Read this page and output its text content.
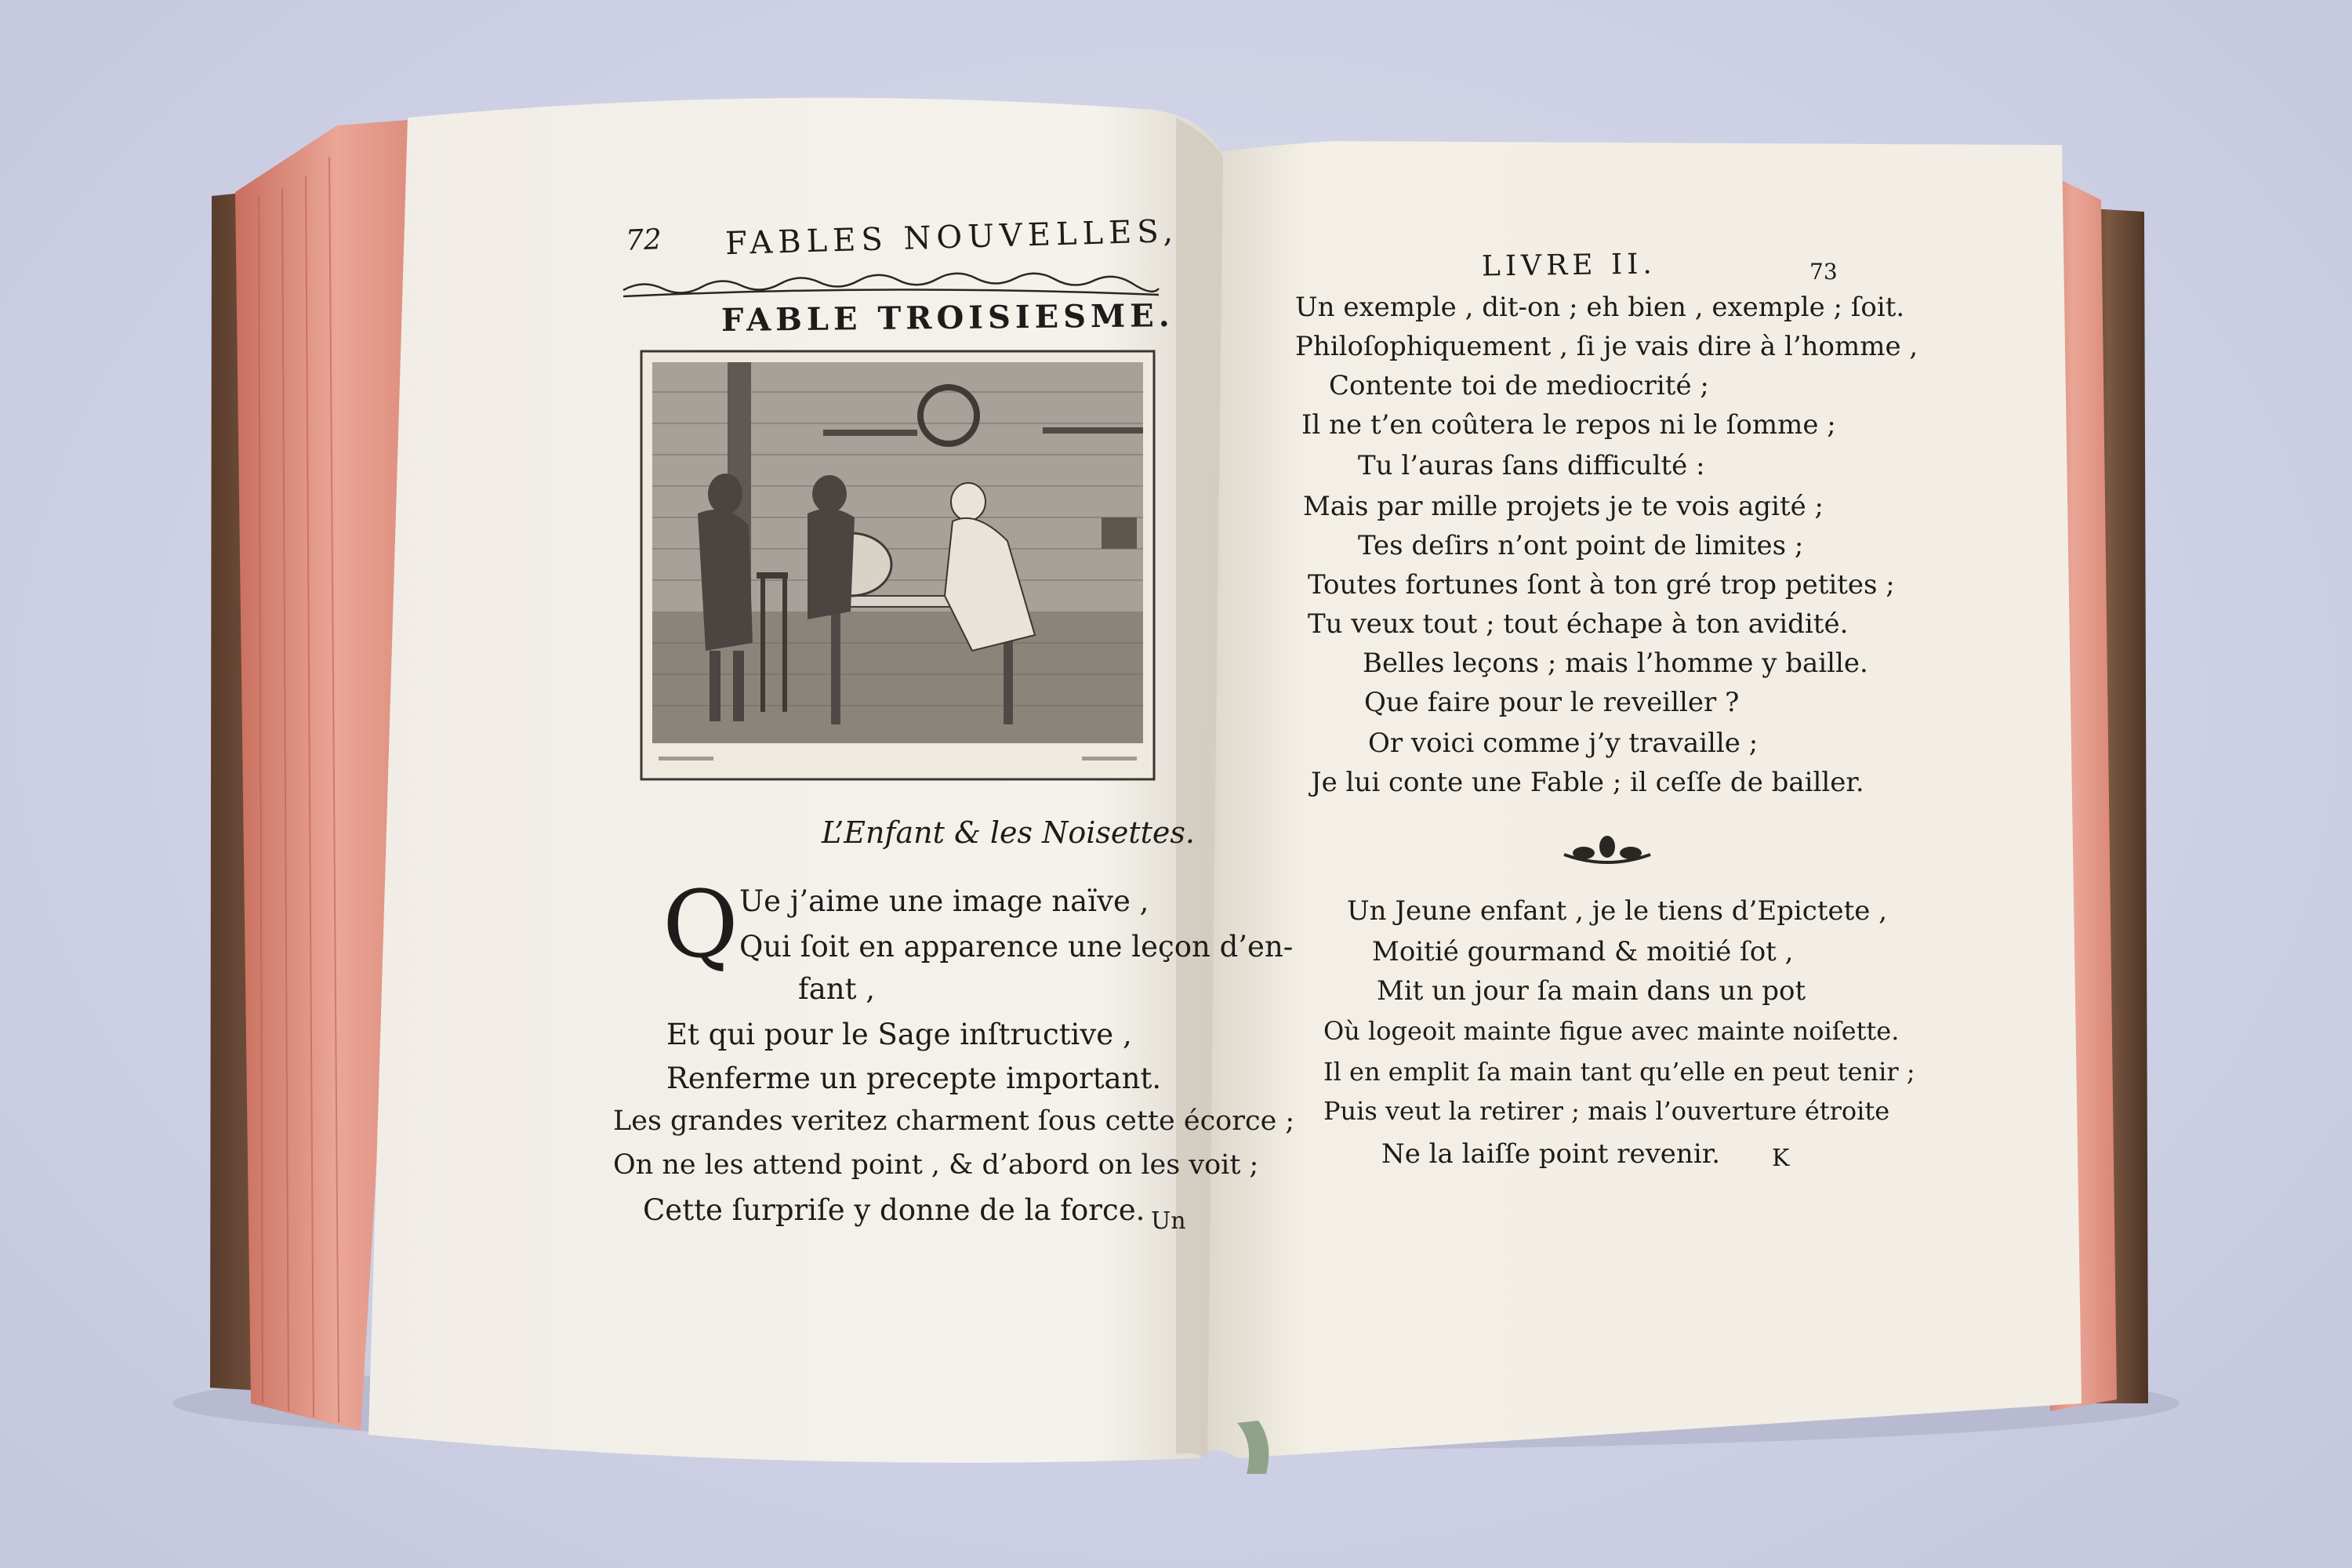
72 FABLES NOUVELLES,
FABLE TROISIESME.
L’Enfant & les Noisettes.
Q Ue j’aime une image naïve ,
Qui ſoit en apparence une leçon d’en-
fant ,
Et qui pour le Sage inſtructive ,
Renferme un precepte important.
Les grandes veritez charment ſous cette écorce ;
On ne les attend point , & d’abord on les voit ;
Cette ſurpriſe y donne de la force. Un
LIVRE II.	73
Un exemple , dit-on ; eh bien , exemple ; ſoit.
Philoſophiquement , ſi je vais dire à l’homme ,
Contente toi de mediocrité ;
Il ne t’en coûtera le repos ni le ſomme ;
Tu l’auras ſans difficulté :
Mais par mille projets je te vois agité ;
Tes deſirs n’ont point de limites ;
Toutes fortunes ſont à ton gré trop petites ;
Tu veux tout ; tout échape à ton avidité.
Belles leçons ; mais l’homme y baille.
Que faire pour le reveiller ?
Or voici comme j’y travaille ;
Je lui conte une Fable ; il ceſſe de bailler.
Un Jeune enfant , je le tiens d’Epictete ,
Moitié gourmand & moitié ſot ,
Mit un jour ſa main dans un pot
Où logeoit mainte figue avec mainte noiſette.
Il en emplit ſa main tant qu’elle en peut tenir ;
Puis veut la retirer ; mais l’ouverture étroite
Ne la laiſſe point revenir. K
